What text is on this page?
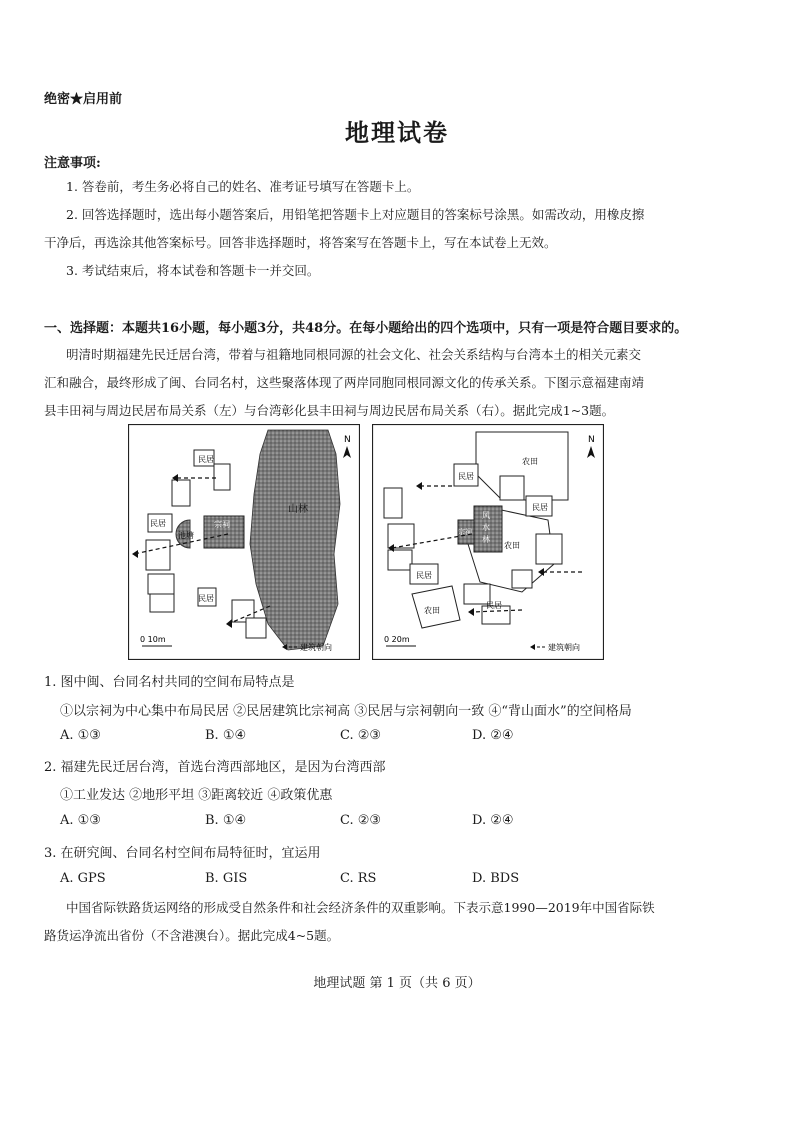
绝密★启用前
地理试卷
注意事项:
1. 答卷前，考生务必将自己的姓名、准考证号填写在答题卡上。
2. 回答选择题时，选出每小题答案后，用铅笔把答题卡上对应题目的答案标号涂黑。如需改动，用橡皮擦
干净后，再选涂其他答案标号。回答非选择题时，将答案写在答题卡上，写在本试卷上无效。
3. 考试结束后，将本试卷和答题卡一并交回。
一、选择题：本题共16小题，每小题3分，共48分。在每小题给出的四个选项中，只有一项是符合题目要求的。
明清时期福建先民迁居台湾，带着与祖籍地同根同源的社会文化、社会关系结构与台湾本土的相关元素交
汇和融合，最终形成了闽、台同名村，这些聚落体现了两岸同胞同根同源文化的传承关系。下图示意福建南靖
县丰田祠与周边民居布局关系（左）与台湾彰化县丰田祠与周边民居布局关系（右）。据此完成1~3题。
山林
N
池塘
宗祠
民居
民居
民居
0 10m
建筑朝向
N
农田
农田
农田
风
水
林
宗祠
民居
民居
民居
民居
0 20m
建筑朝向
1. 图中闽、台同名村共同的空间布局特点是
①以宗祠为中心集中布局民居 ②民居建筑比宗祠高 ③民居与宗祠朝向一致 ④“背山面水”的空间格局
A. ①③	B. ①④	C. ②③	D. ②④
2. 福建先民迁居台湾，首选台湾西部地区，是因为台湾西部
①工业发达 ②地形平坦 ③距离较近 ④政策优惠
A. ①③	B. ①④	C. ②③	D. ②④
3. 在研究闽、台同名村空间布局特征时，宜运用
A. GPS	B. GIS	C. RS	D. BDS
中国省际铁路货运网络的形成受自然条件和社会经济条件的双重影响。下表示意1990—2019年中国省际铁
路货运净流出省份（不含港澳台）。据此完成4~5题。
地理试题 第 1 页（共 6 页）
